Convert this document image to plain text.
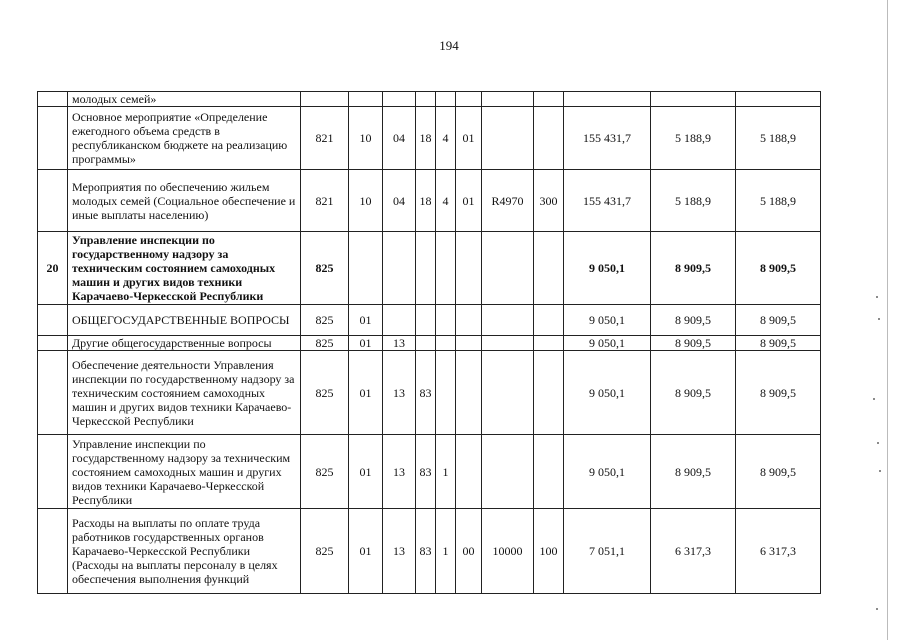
194
	молодых семей»											
	Основное мероприятие «Определение ежегодного объема средств в республиканском бюджете на реализацию программы»	821	10	04	18	4	01			155 431,7	5 188,9	5 188,9
	Мероприятия по обеспечению жильем молодых семей (Социальное обеспечение и иные выплаты населению)	821	10	04	18	4	01	R4970	300	155 431,7	5 188,9	5 188,9
20	Управление инспекции по государственному надзору за техническим состоянием самоходных машин и других видов техники Карачаево-Черкесской Республики	825								9 050,1	8 909,5	8 909,5
	ОБЩЕГОСУДАРСТВЕННЫЕ ВОПРОСЫ	825	01							9 050,1	8 909,5	8 909,5
	Другие общегосударственные вопросы	825	01	13						9 050,1	8 909,5	8 909,5
	Обеспечение деятельности Управления инспекции по государственному надзору за техническим состоянием самоходных машин и других видов техники Карачаево-Черкесской Республики	825	01	13	83					9 050,1	8 909,5	8 909,5
	Управление инспекции по государственному надзору за техническим состоянием самоходных машин и других видов техники Карачаево-Черкесской Республики	825	01	13	83	1				9 050,1	8 909,5	8 909,5
	Расходы на выплаты по оплате труда работников государственных органов Карачаево-Черкесской Республики (Расходы на выплаты персоналу в целях обеспечения выполнения функций	825	01	13	83	1	00	10000	100	7 051,1	6 317,3	6 317,3
